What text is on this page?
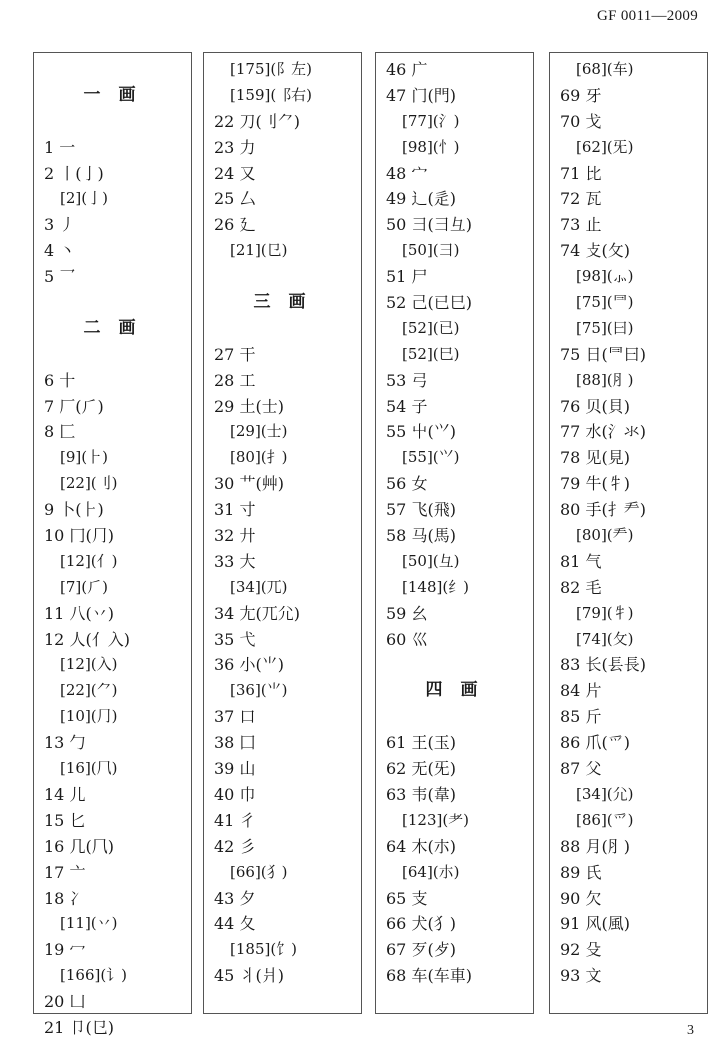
GF 0011—2009
一 画
1 一
2 丨(亅)
[2](亅)
3 丿
4 丶
5 乛
二 画
6 十
7 厂(⺁)
8 匚
[9](⺊)
[22](刂)
9 卜(⺊)
10 冂(⺆)
[12](亻)
[7](⺁)
11 八(丷)
12 人(亻入)
[12](入)
[22](⺈)
[10](⺆)
13 勹
[16](⺇)
14 儿
15 匕
16 几(⺇)
17 亠
18 冫
[11](丷)
19 冖
[166](讠)
20 凵
21 卩(㔾)
[175](⻖左)
[159](⻏右)
22 刀(刂⺈)
23 力
24 又
25 厶
26 廴
[21](㔾)
三 画
27 干
28 工
29 土(士)
[29](士)
[80](扌)
30 艹(艸)
31 寸
32 廾
33 大
[34](兀)
34 尢(兀尣)
35 弋
36 小(⺌)
[36](⺌)
37 口
38 囗
39 山
40 巾
41 彳
42 彡
[66](犭)
43 夕
44 夂
[185](饣)
45 丬(爿)
46 广
47 门(門)
[77](氵)
[98](忄)
48 宀
49 辶(辵)
50 彐(⺕彑)
[50](⺕)
51 尸
52 己(已巳)
[52](已)
[52](巳)
53 弓
54 子
55 屮(⺍)
[55](⺍)
56 女
57 飞(飛)
58 马(馬)
[50](彑)
[148](纟)
59 幺
60 巛
四 画
61 王(玉)
62 无(旡)
63 韦(韋)
[123](⺹)
64 木(朩)
[64](朩)
65 支
66 犬(犭)
67 歹(歺)
68 车(车車)
[68](车)
69 牙
70 戈
[62](旡)
71 比
72 瓦
73 止
74 攴(攵)
[98](⺗)
[75](⺜)
[75](曰)
75 日(⺜曰)
[88](⺼)
76 贝(貝)
77 水(氵氺)
78 见(見)
79 牛(牜)
80 手(扌龵)
[80](龵)
81 气
82 毛
[79](牜)
[74](攵)
83 长(镸長)
84 片
85 斤
86 爪(爫)
87 父
[34](尣)
[86](爫)
88 月(⺼)
89 氏
90 欠
91 风(風)
92 殳
93 文
3
